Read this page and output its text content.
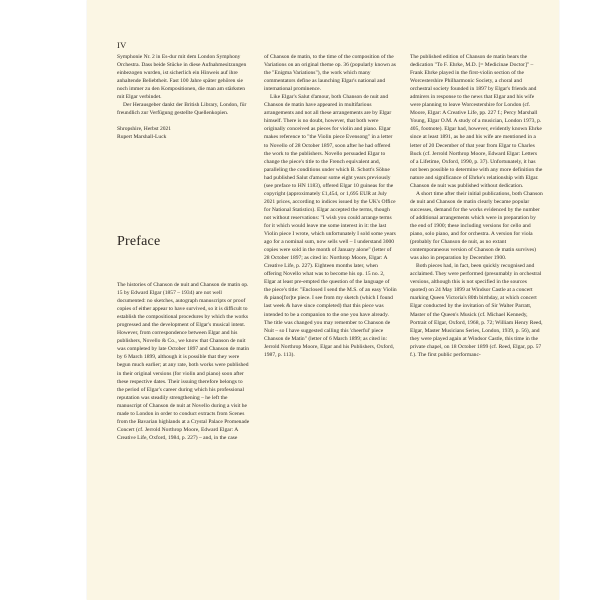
IV

Symphonie Nr. 2 in Es-dur mit dem London Symphony Orchestra. Dass beide Stücke in diese Aufnahmesitzungen einbezogen wurden, ist sicherlich ein Hinweis auf ihre anhaltende Beliebtheit. Fast 100 Jahre später gehören sie noch immer zu den Kompositionen, die man am stärksten mit Elgar verbindet.

Der Herausgeber dankt der British Library, London, für freundlich zur Verfügung gestellte Quellenkopien.

Shropshire, Herbst 2021

Rupert Marshall-Luck

Preface

The histories of Chanson de nuit and Chanson de matin op. 15 by Edward Elgar (1857 – 1934) are not well documented: no sketches, autograph manuscripts or proof copies of either appear to have survived, so it is difficult to establish the compositional procedures by which the works progressed and the development of Elgar's musical intent. However, from correspondence between Elgar and his publishers, Novello & Co., we know that Chanson de nuit was completed by late October 1897 and Chanson de matin by 6 March 1899, although it is possible that they were begun much earlier; at any rate, both works were published in their original versions (for violin and piano) soon after these respective dates. Their issuing therefore belongs to the period of Elgar's career during which his professional reputation was steadily strengthening – he left the manuscript of Chanson de nuit at Novello during a visit he made to London in order to conduct extracts from Scenes from the Bavarian highlands at a Crystal Palace Promenade Concert (cf. Jerrold Northrop Moore, Edward Elgar: A Creative Life, Oxford, 1984, p. 227) – and, in the case

of Chanson de matin, to the time of the composition of the Variations on an original theme op. 36 (popularly known as the "Enigma Variations"), the work which many commentators define as launching Elgar's national and international prominence.

Like Elgar's Salut d'amour, both Chanson de nuit and Chanson de matin have appeared in multifarious arrangements and not all these arrangements are by Elgar himself. There is no doubt, however, that both were originally conceived as pieces for violin and piano. Elgar makes reference to "the Violin piece Evensong" in a letter to Novello of 28 October 1897, soon after he had offered the work to the publishers. Novello persuaded Elgar to change the piece's title to the French equivalent and, paralleling the conditions under which B. Schott's Söhne had published Salut d'amour some eight years previously (see preface to HN 1183), offered Elgar 10 guineas for the copyright (approximately £1,454, or 1,695 EUR at July 2021 prices, according to indices issued by the UK's Office for National Statistics). Elgar accepted the terms, though not without reservations: "I wish you could arrange terms for it which would leave me some interest in it: the last Violin piece I wrote, which unfortunately I sold some years ago for a nominal sum, now sells well – I understand 3000 copies were sold in the month of January alone" (letter of 28 October 1897; as cited in: Northrop Moore, Elgar: A Creative Life, p. 227). Eighteen months later, when offering Novello what was to become his op. 15 no. 2, Elgar at least pre-empted the question of the language of the piece's title: "Enclosed I send the M.S. of an easy Violin & piano[for]te piece. I see from my sketch (which I found last week & have since completed) that this piece was intended to be a companion to the one you have already. The title was changed you may remember to Chanson de Nuit – so I have suggested calling this 'cheerful' piece Chanson de Matin" (letter of 6 March 1899; as cited in: Jerrold Northrop Moore, Elgar and his Publishers, Oxford, 1987, p. 113).

The published edition of Chanson de matin bears the dedication "To F. Ehrke, M.D. [= Medicinae Doctor]" – Frank Ehrke played in the first-violin section of the Worcestershire Philharmonic Society, a choral and orchestral society founded in 1897 by Elgar's friends and admirers in response to the news that Elgar and his wife were planning to leave Worcestershire for London (cf. Moore, Elgar: A Creative Life, pp. 227 f.; Percy Marshall Young, Elgar O.M. A study of a musician, London 1973, p. 405, footnote). Elgar had, however, evidently known Ehrke since at least 1891, as he and his wife are mentioned in a letter of 20 December of that year from Elgar to Charles Buck (cf. Jerrold Northrop Moore, Edward Elgar: Letters of a Lifetime, Oxford, 1990, p. 37). Unfortunately, it has not been possible to determine with any more definition the nature and significance of Ehrke's relationship with Elgar. Chanson de nuit was published without dedication.

A short time after their initial publications, both Chanson de nuit and Chanson de matin clearly became popular successes, demand for the works evidenced by the number of additional arrangements which were in preparation by the end of 1900; these including versions for cello and piano, solo piano, and for orchestra. A version for viola (probably for Chanson de nuit, as no extant contemporaneous version of Chanson de matin survives) was also in preparation by December 1900.

Both pieces had, in fact, been quickly recognised and acclaimed. They were performed (presumably in orchestral versions, although this is not specified in the sources quoted) on 24 May 1899 at Windsor Castle at a concert marking Queen Victoria's 80th birthday, at which concert Elgar conducted by the invitation of Sir Walter Parratt, Master of the Queen's Musick (cf. Michael Kennedy, Portrait of Elgar, Oxford, 1968, p. 72; William Henry Reed, Elgar, Master Musicians Series, London, 1939, p. 56), and they were played again at Windsor Castle, this time in the private chapel, on 18 October 1899 (cf. Reed, Elgar, pp. 57 f.). The first public performanc-
